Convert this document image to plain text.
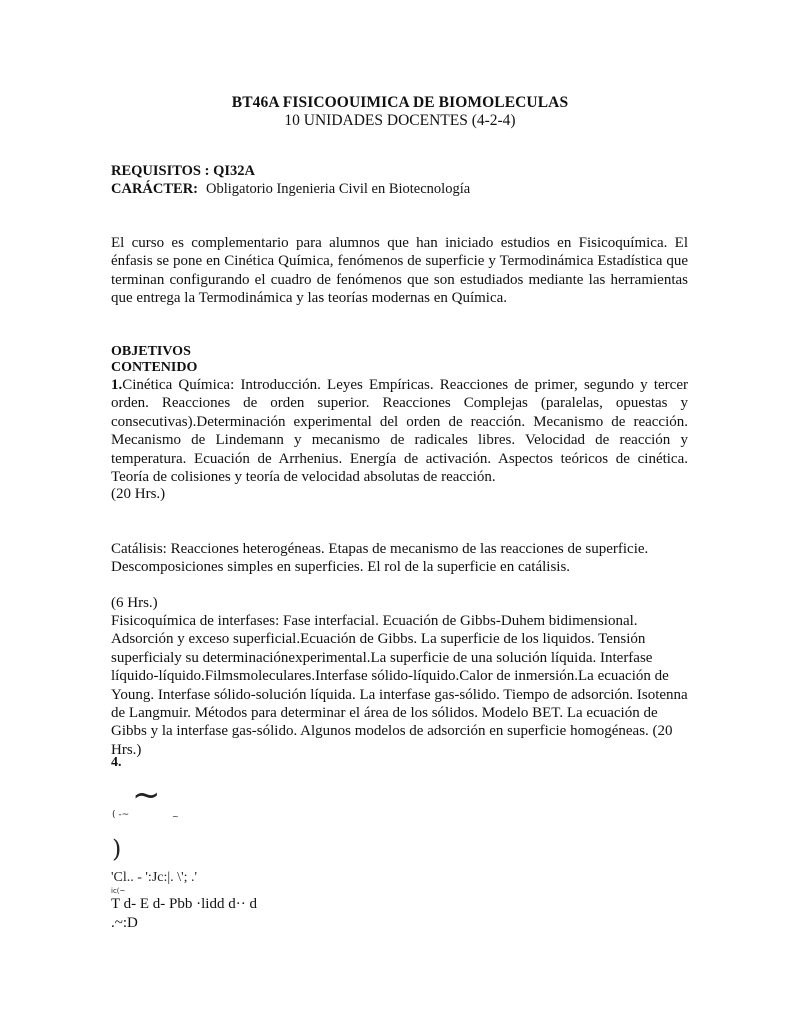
BT46A FISICOOUIMICA DE BIOMOLECULAS
10 UNIDADES DOCENTES (4-2-4)
REQUISITOS : QI32A
CARÁCTER: Obligatorio Ingenieria Civil en Biotecnología
El curso es complementario para alumnos que han iniciado estudios en Fisicoquímica. El énfasis se pone en Cinética Química, fenómenos de superficie y Termodinámica Estadística que terminan configurando el cuadro de fenómenos que son estudiados mediante las herramientas que entrega la Termodinámica y las teorías modernas en Química.
OBJETIVOS
CONTENIDO
1.Cinética Química: Introducción. Leyes Empíricas. Reacciones de primer, segundo y tercer orden. Reacciones de orden superior. Reacciones Complejas (paralelas, opuestas y consecutivas).Determinación experimental del orden de reacción. Mecanismo de reacción. Mecanismo de Lindemann y mecanismo de radicales libres. Velocidad de reacción y temperatura. Ecuación de Arrhenius. Energía de activación. Aspectos teóricos de cinética. Teoría de colisiones y teoría de velocidad absolutas de reacción.
(20 Hrs.)
Catálisis: Reacciones heterogéneas. Etapas de mecanismo de las reacciones de superficie. Descomposiciones simples en superficies. El rol de la superficie en catálisis.
(6 Hrs.)
Fisicoquímica de interfases: Fase interfacial. Ecuación de Gibbs-Duhem bidimensional. Adsorción y exceso superficial.Ecuación de Gibbs. La superficie de los liquidos. Tensión superficialy su determinaciónexperimental.La superficie de una solución líquida. Interfase líquido-líquido.Filmsmoleculares.Interfase sólido-líquido.Calor de inmersión.La ecuación de Young. Interfase sólido-solución líquida. La interfase gas-sólido. Tiempo de adsorción. Isotenna de Langmuir. Métodos para determinar el área de los sólidos. Modelo BET. La ecuación de Gibbs y la interfase gas-sólido. Algunos modelos de adsorción en superficie homogéneas. (20 Hrs.)
4.
( -~ ~
~
)
'Cl.. - ':Jc:|. \'; .'
ic(~
T d- E d- Pbb ·lidd d·· d
.~:D
